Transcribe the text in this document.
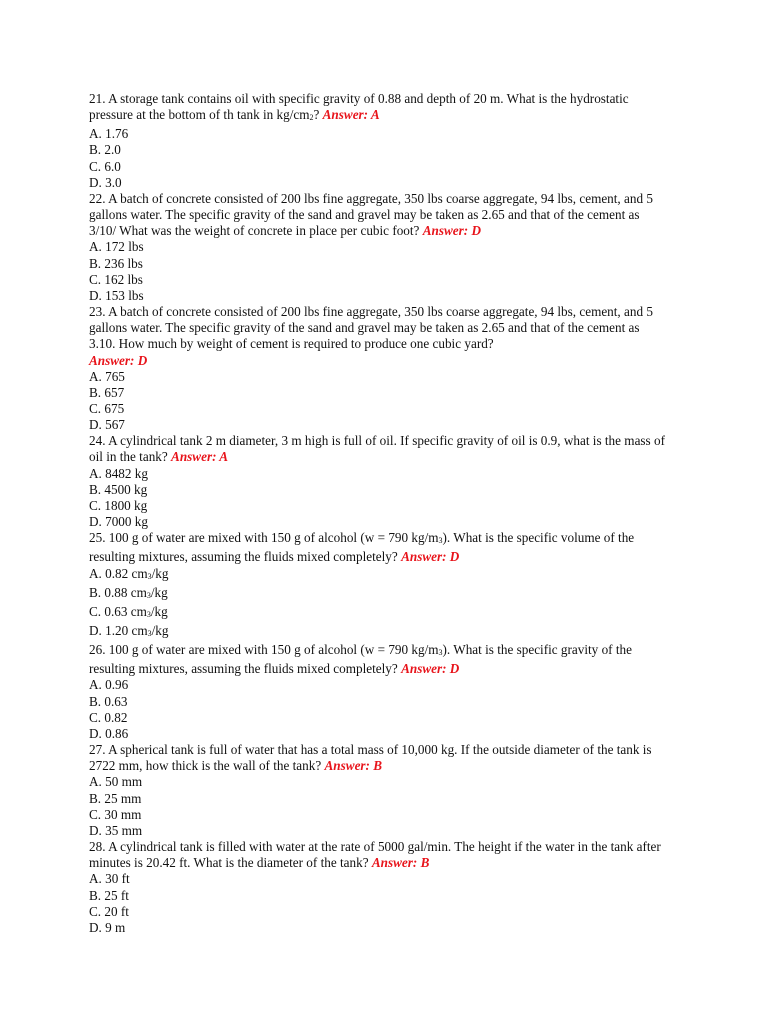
21. A storage tank contains oil with specific gravity of 0.88 and depth of 20 m. What is the hydrostatic pressure at the bottom of th tank in $kg/cm_2$? Answer: A
A. 1.76
B. 2.0
C. 6.0
D. 3.0
22. A batch of concrete consisted of 200 lbs fine aggregate, 350 lbs coarse aggregate, 94 lbs, cement, and 5 gallons water. The specific gravity of the sand and gravel may be taken as 2.65 and that of the cement as 3/10/ What was the weight of concrete in place per cubic foot? Answer: D
A. 172 lbs
B. 236 lbs
C. 162 lbs
D. 153 lbs
23. A batch of concrete consisted of 200 lbs fine aggregate, 350 lbs coarse aggregate, 94 lbs, cement, and 5 gallons water. The specific gravity of the sand and gravel may be taken as 2.65 and that of the cement as 3.10. How much by weight of cement is required to produce one cubic yard?
Answer: D
A. 765
B. 657
C. 675
D. 567
24. A cylindrical tank 2 m diameter, 3 m high is full of oil. If specific gravity of oil is 0.9, what is the mass of oil in the tank? Answer: A
A. 8482 kg
B. 4500 kg
C. 1800 kg
D. 7000 kg
25. 100 g of water are mixed with 150 g of alcohol (w = 790 $kg/m_3$). What is the specific volume of the resulting mixtures, assuming the fluids mixed completely? Answer: D
A. 0.82 $cm_3/kg$
B. 0.88 $cm_3/kg$
C. 0.63 $cm_3/kg$
D. 1.20 $cm_3/kg$
26. 100 g of water are mixed with 150 g of alcohol (w = 790 $kg/m_3$). What is the specific gravity of the resulting mixtures, assuming the fluids mixed completely? Answer: D
A. 0.96
B. 0.63
C. 0.82
D. 0.86
27. A spherical tank is full of water that has a total mass of 10,000 kg. If the outside diameter of the tank is 2722 mm, how thick is the wall of the tank? Answer: B
A. 50 mm
B. 25 mm
C. 30 mm
D. 35 mm
28. A cylindrical tank is filled with water at the rate of 5000 gal/min. The height if the water in the tank after minutes is 20.42 ft. What is the diameter of the tank? Answer: B
A. 30 ft
B. 25 ft
C. 20 ft
D. 9 m
